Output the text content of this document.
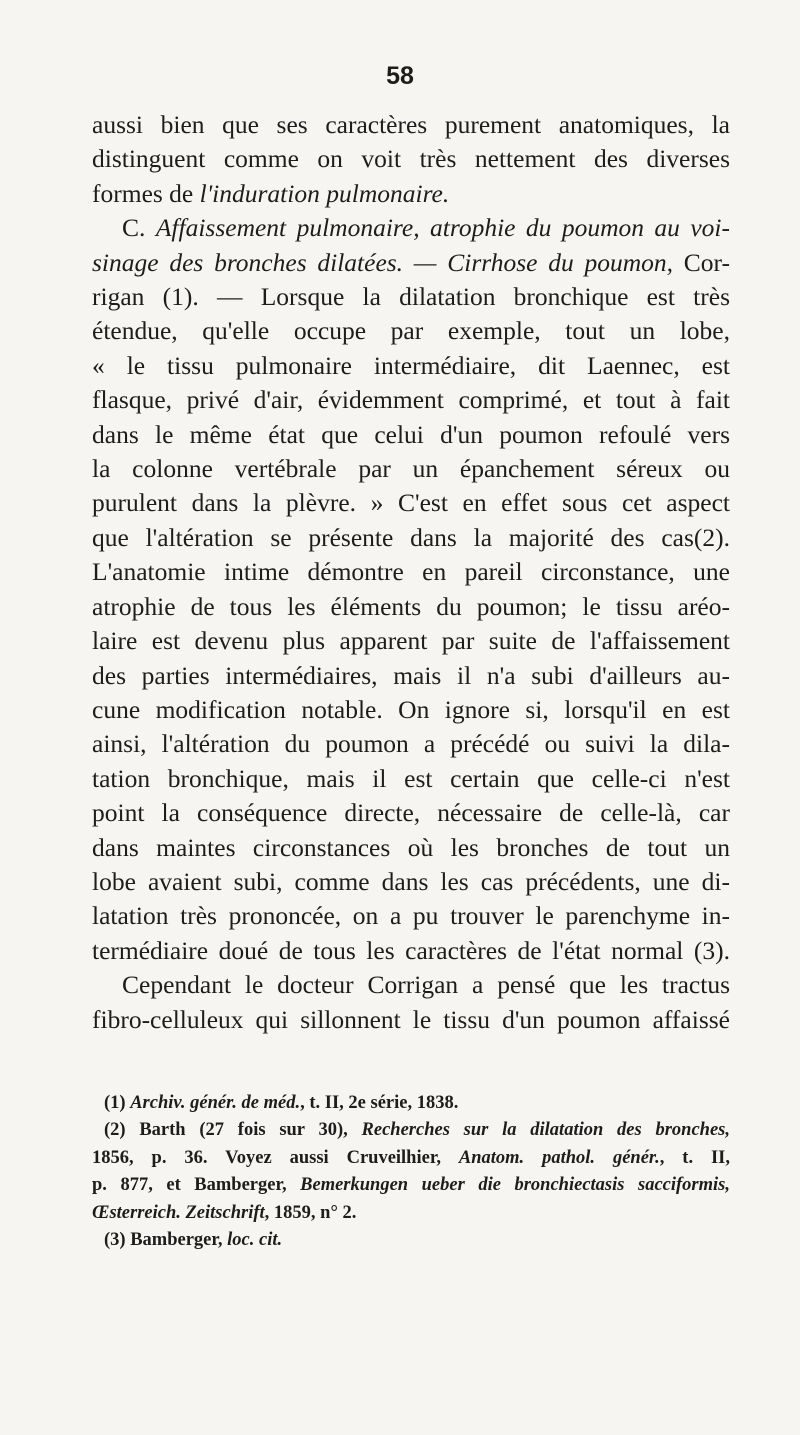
58
aussi bien que ses caractères purement anatomiques, la
distinguent comme on voit très nettement des diverses
formes de l'induration pulmonaire.
C. Affaissement pulmonaire, atrophie du poumon au voi-
sinage des bronches dilatées. — Cirrhose du poumon, Cor-
rigan (1). — Lorsque la dilatation bronchique est très
étendue, qu'elle occupe par exemple, tout un lobe,
« le tissu pulmonaire intermédiaire, dit Laennec, est
flasque, privé d'air, évidemment comprimé, et tout à fait
dans le même état que celui d'un poumon refoulé vers
la colonne vertébrale par un épanchement séreux ou
purulent dans la plèvre. » C'est en effet sous cet aspect
que l'altération se présente dans la majorité des cas(2).
L'anatomie intime démontre en pareil circonstance, une
atrophie de tous les éléments du poumon; le tissu aréo-
laire est devenu plus apparent par suite de l'affaissement
des parties intermédiaires, mais il n'a subi d'ailleurs au-
cune modification notable. On ignore si, lorsqu'il en est
ainsi, l'altération du poumon a précédé ou suivi la dila-
tation bronchique, mais il est certain que celle-ci n'est
point la conséquence directe, nécessaire de celle-là, car
dans maintes circonstances où les bronches de tout un
lobe avaient subi, comme dans les cas précédents, une di-
latation très prononcée, on a pu trouver le parenchyme in-
termédiaire doué de tous les caractères de l'état normal (3).
Cependant le docteur Corrigan a pensé que les tractus
fibro-celluleux qui sillonnent le tissu d'un poumon affaissé
(1) Archiv. génér. de méd., t. II, 2e série, 1838.
(2) Barth (27 fois sur 30), Recherches sur la dilatation des bronches,
1856, p. 36. Voyez aussi Cruveilhier, Anatom. pathol. génér., t. II,
p. 877, et Bamberger, Bemerkungen ueber die bronchiectasis sacciformis,
Œsterreich. Zeitschrift, 1859, n° 2.
(3) Bamberger, loc. cit.
